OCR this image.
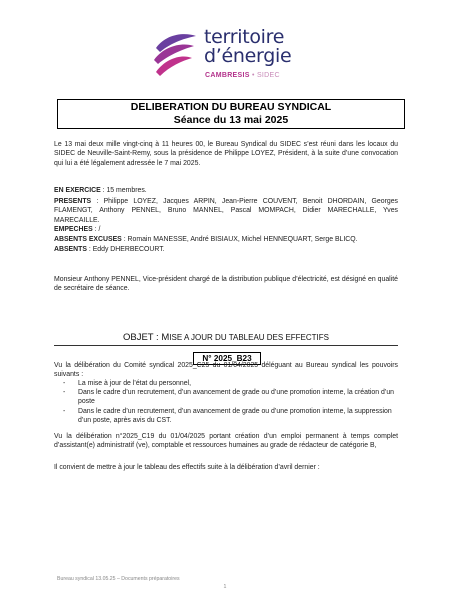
territoire
d’énergie
CAMBRESIS • SIDEC
DELIBERATION DU BUREAU SYNDICAL
Séance du 13 mai 2025
Le 13 mai deux mille vingt-cinq à 11 heures 00, le Bureau Syndical du SIDEC s’est réuni dans les locaux du SIDEC de Neuville-Saint-Remy, sous la présidence de Philippe LOYEZ, Président, à la suite d’une convocation qui lui a été légalement adressée le 7 mai 2025.
EN EXERCICE : 15 membres.
PRESENTS : Philippe LOYEZ, Jacques ARPIN, Jean-Pierre COUVENT, Benoit DHORDAIN, Georges FLAMENGT, Anthony PENNEL, Bruno MANNEL, Pascal MOMPACH, Didier MARECHALLE, Yves MARECAILLE.
EMPECHES : /
ABSENTS EXCUSES : Romain MANESSE, André BISIAUX, Michel HENNEQUART, Serge BLICQ.
ABSENTS : Eddy DHERBECOURT.
Monsieur Anthony PENNEL, Vice-président chargé de la distribution publique d’électricité, est désigné en qualité de secrétaire de séance.
OBJET : MISE A JOUR DU TABLEAU DES EFFECTIFS
N° 2025_B23
Vu la délibération du Comité syndical 2025_C25 du 01/04/2025 déléguant au Bureau syndical les pouvoirs suivants :
- La mise à jour de l’état du personnel,
- Dans le cadre d’un recrutement, d’un avancement de grade ou d’une promotion interne, la création d’un poste
- Dans le cadre d’un recrutement, d’un avancement de grade ou d’une promotion interne, la suppression d’un poste, après avis du CST.
Vu la délibération n°2025_C19 du 01/04/2025 portant création d’un emploi permanent à temps complet d’assistant(e) administratif (ve), comptable et ressources humaines au grade de rédacteur de catégorie B,
Il convient de mettre à jour le tableau des effectifs suite à la délibération d’avril dernier :
Bureau syndical 13.05.25 – Documents préparatoires
1
